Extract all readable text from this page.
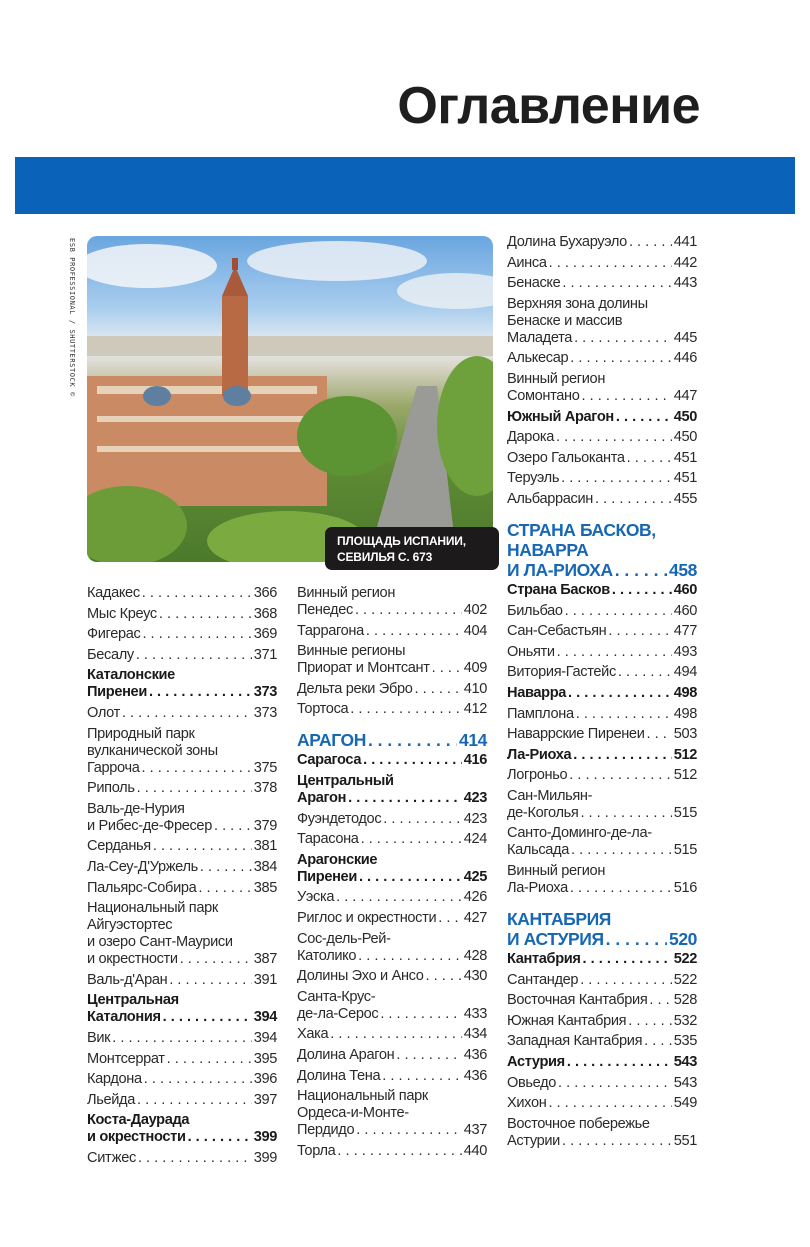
Оглавление
ESB PROFESSIONAL / SHUTTERSTOCK ©
ПЛОЩАДЬ ИСПАНИИ,
СЕВИЛЬЯ С. 673
Кадакес . . .	366
Мыс Креус . . .	368
Фигерас . . .	369
Бесалу . . .	371
Каталонские
Пиренеи . . .	373
Олот . . .	373
Природный парк
вулканической зоны
Гарроча . . .	375
Риполь . . .	378
Валь-де-Нурия
и Рибес-де-Фресер . . .	379
Серданья . . .	381
Ла-Сеу-Д'Уржель . . .	384
Пальярс-Собира . . .	385
Национальный парк
Айгуэстортес
и озеро Сант-Мауриси
и окрестности . . .	387
Валь-д'Аран . . .	391
Центральная
Каталония . . .	394
Вик . . .	394
Монтсеррат . . .	395
Кардона . . .	396
Льейда . . .	397
Коста-Даурада
и окрестности . . .	399
Ситжес . . .	399
Винный регион
Пенедес . . .	402
Таррагона . . .	404
Винные регионы
Приорат и Монтсант . . . 409
Дельта реки Эбро . . .	410
Тортоса . . .	412
АРАГОН . . .	414
Сарагоса . . .	416
Центральный
Арагон . . .	423
Фуэндетодос . . .	423
Тарасона . . .	424
Арагонские
Пиренеи . . .	425
Уэска . . .	426
Риглос и окрестности . . . 427
Сос-дель-Рей-
Католико . . .	428
Долины Эхо и Ансо . . .	430
Санта-Крус-
де-ла-Серос . . .	433
Хака . . .	434
Долина Арагон . . .	436
Долина Тена . . .	436
Национальный парк
Ордеса-и-Монте-
Пердидо . . .	437
Торла . . .	440
Долина Бухаруэло . . .	441
Аинса . . .	442
Бенаске . . .	443
Верхняя зона долины
Бенаске и массив
Маладета . . .	445
Алькесар . . .	446
Винный регион
Сомонтано . . .	447
Южный Арагон . . .	450
Дарока . . .	450
Озеро Гальоканта . . .	451
Теруэль . . .	451
Альбаррасин . . .	455
СТРАНА БАСКОВ,
НАВАРРА
И ЛА-РИОХА . . .	458
Страна Басков . . .	460
Бильбао . . .	460
Сан-Себастьян . . .	477
Оньяти . . .	493
Витория-Гастейс . . .	494
Наварра . . .	498
Памплона . . .	498
Наваррские Пиренеи . . . 503
Ла-Риоха . . .	512
Логроньо . . .	512
Сан-Мильян-
де-Коголья . . .	515
Санто-Доминго-де-ла-
Кальсада . . .	515
Винный регион
Ла-Риоха . . .	516
КАНТАБРИЯ
И АСТУРИЯ . . .	520
Кантабрия . . .	522
Сантандер . . .	522
Восточная Кантабрия . . . 528
Южная Кантабрия . . .	532
Западная Кантабрия . . . 535
Астурия . . .	543
Овьедо . . .	543
Хихон . . .	549
Восточное побережье
Астурии . . .	551
